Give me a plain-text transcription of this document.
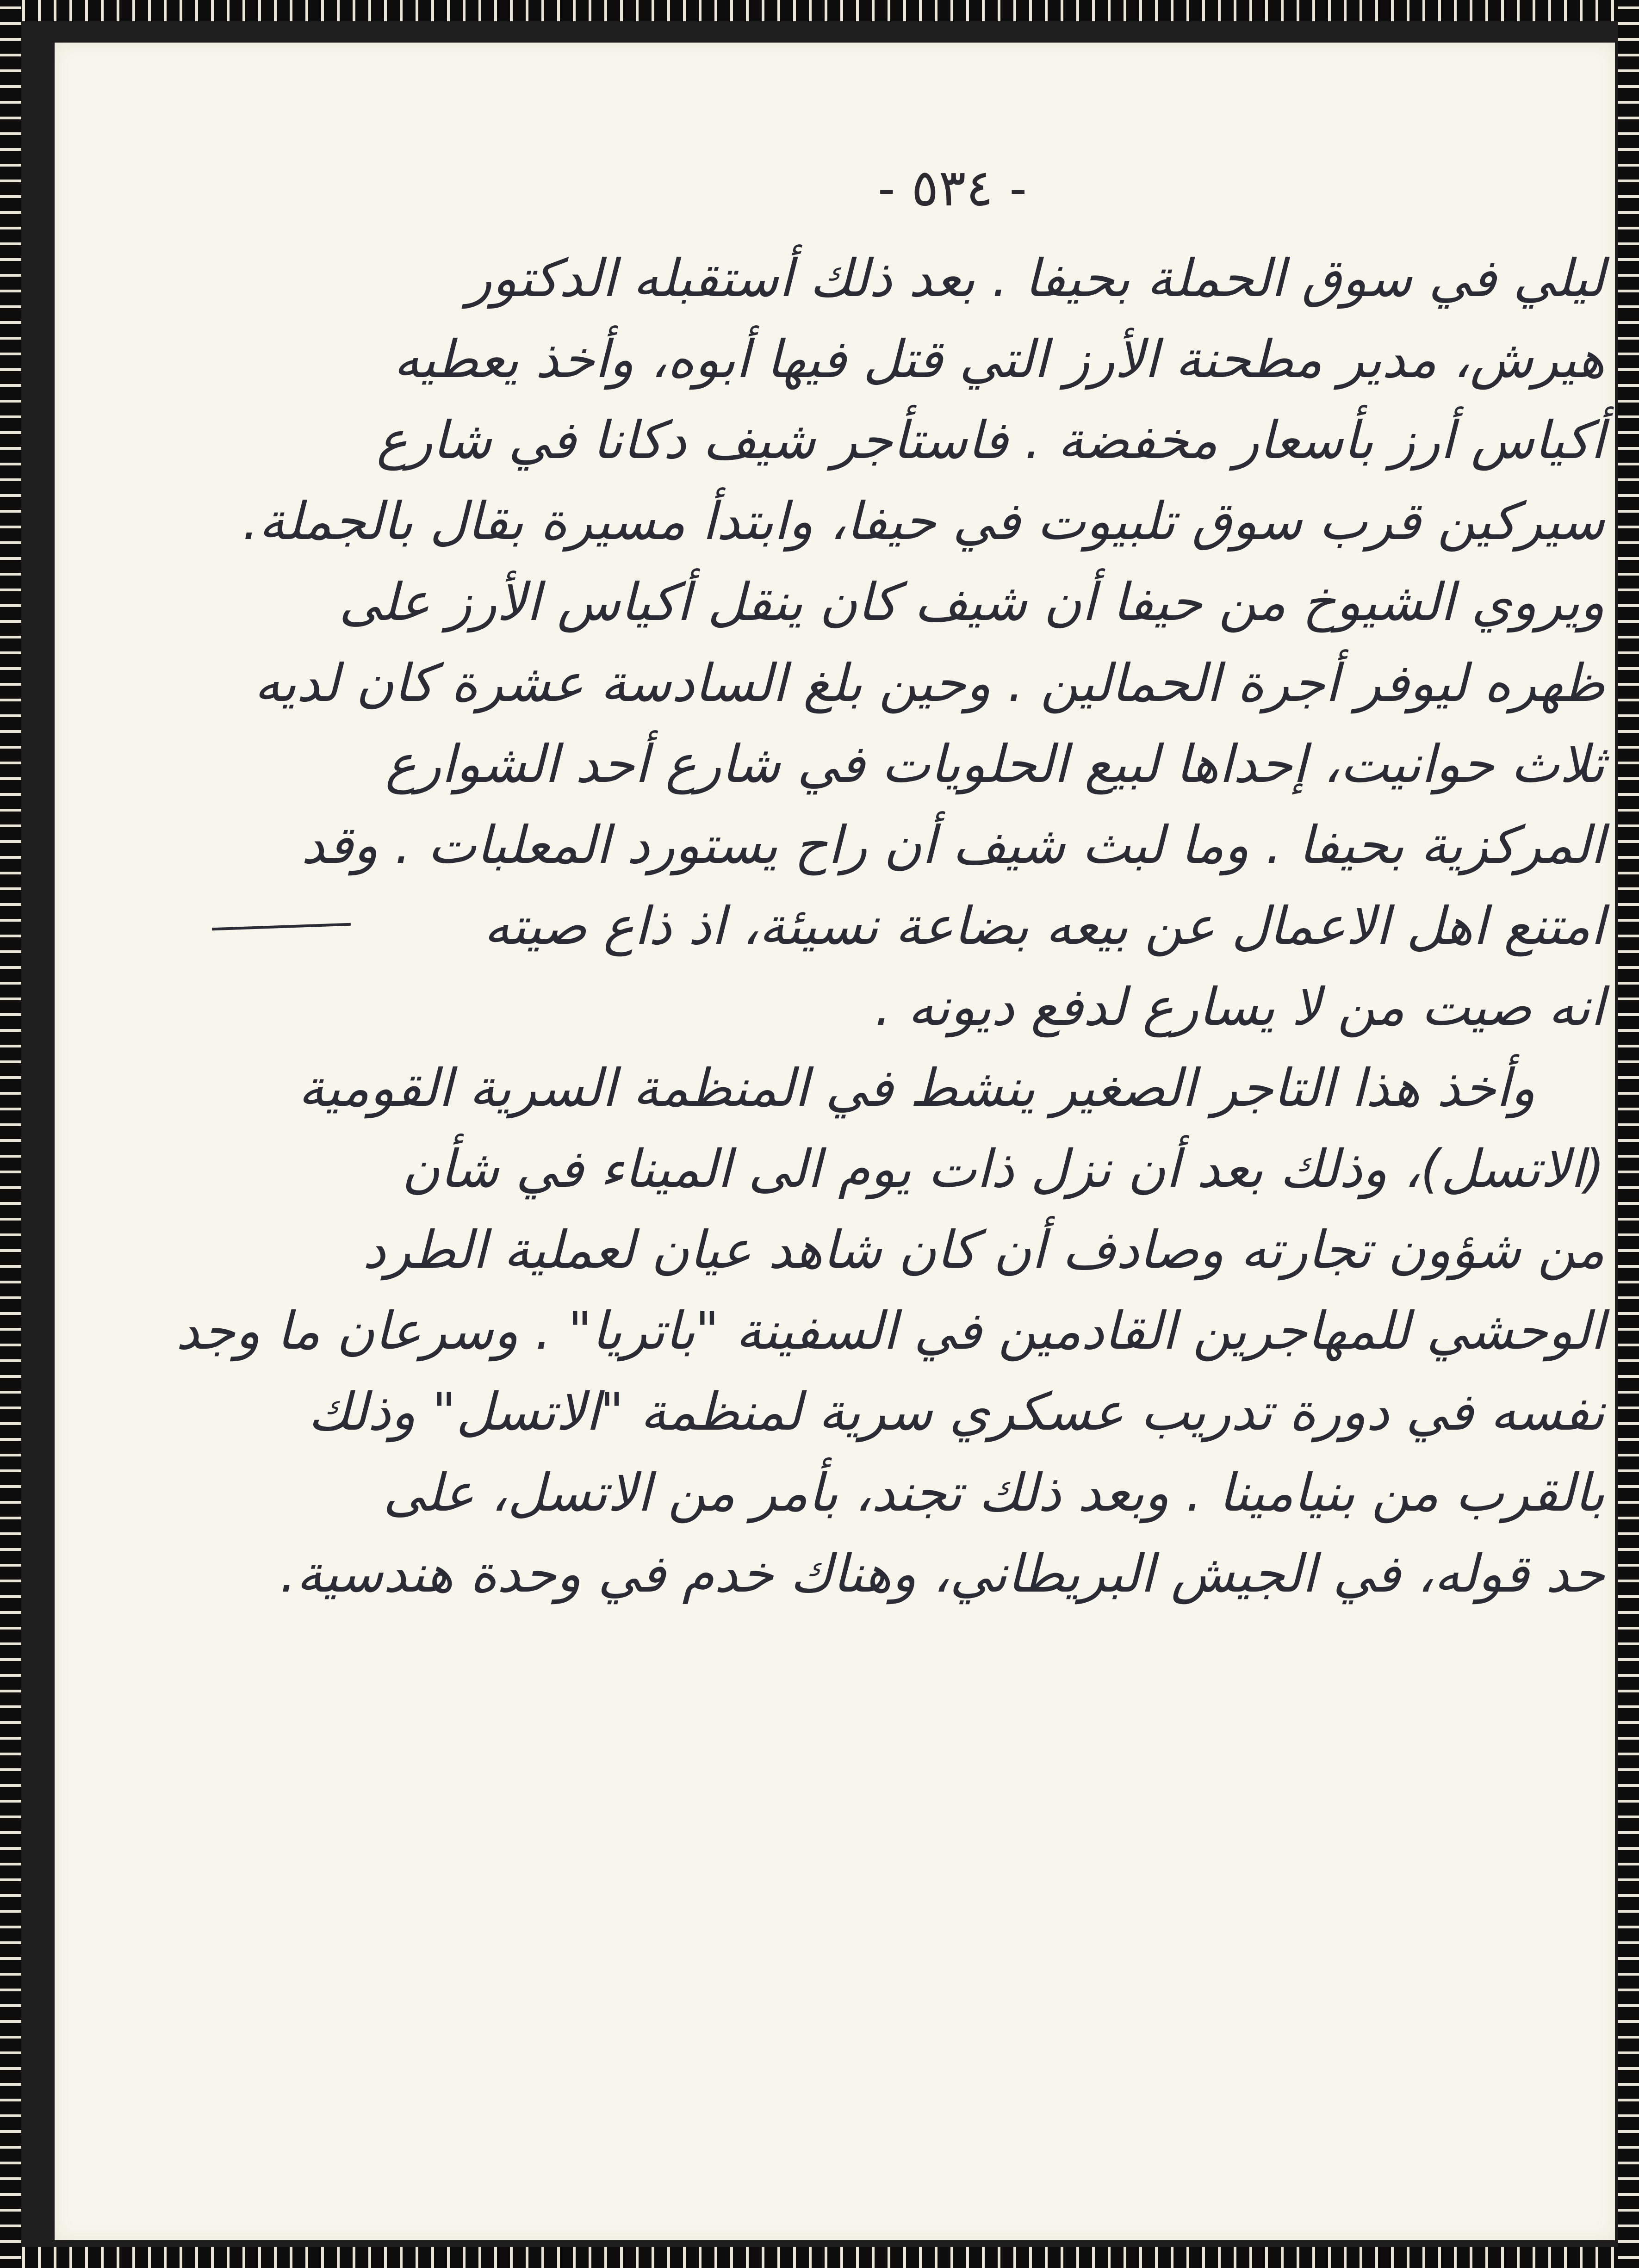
- ٥٣٤ -
ليلي في سوق الحملة بحيفا . بعد ذلك أستقبله الدكتور
هيرش، مدير مطحنة الأرز التي قتل فيها أبوه، وأخذ يعطيه
أكياس أرز بأسعار مخفضة . فاستأجر شيف دكانا في شارع
سيركين قرب سوق تلبيوت في حيفا، وابتدأ مسيرة بقال بالجملة.
ويروي الشيوخ من حيفا أن شيف كان ينقل أكياس الأرز على
ظهره ليوفر أجرة الحمالين . وحين بلغ السادسة عشرة كان لديه
ثلاث حوانيت، إحداها لبيع الحلويات في شارع أحد الشوارع
المركزية بحيفا . وما لبث شيف أن راح يستورد المعلبات . وقد
امتنع اهل الاعمال عن بيعه بضاعة نسيئة، اذ ذاع صيته
انه صيت من لا يسارع لدفع ديونه .
وأخذ هذا التاجر الصغير ينشط في المنظمة السرية القومية
(الاتسل)، وذلك بعد أن نزل ذات يوم الى الميناء في شأن
من شؤون تجارته وصادف أن كان شاهد عيان لعملية الطرد
الوحشي للمهاجرين القادمين في السفينة "باتريا" . وسرعان ما وجد
نفسه في دورة تدريب عسكري سرية لمنظمة "الاتسل" وذلك
بالقرب من بنيامينا . وبعد ذلك تجند، بأمر من الاتسل، على
حد قوله، في الجيش البريطاني، وهناك خدم في وحدة هندسية.
